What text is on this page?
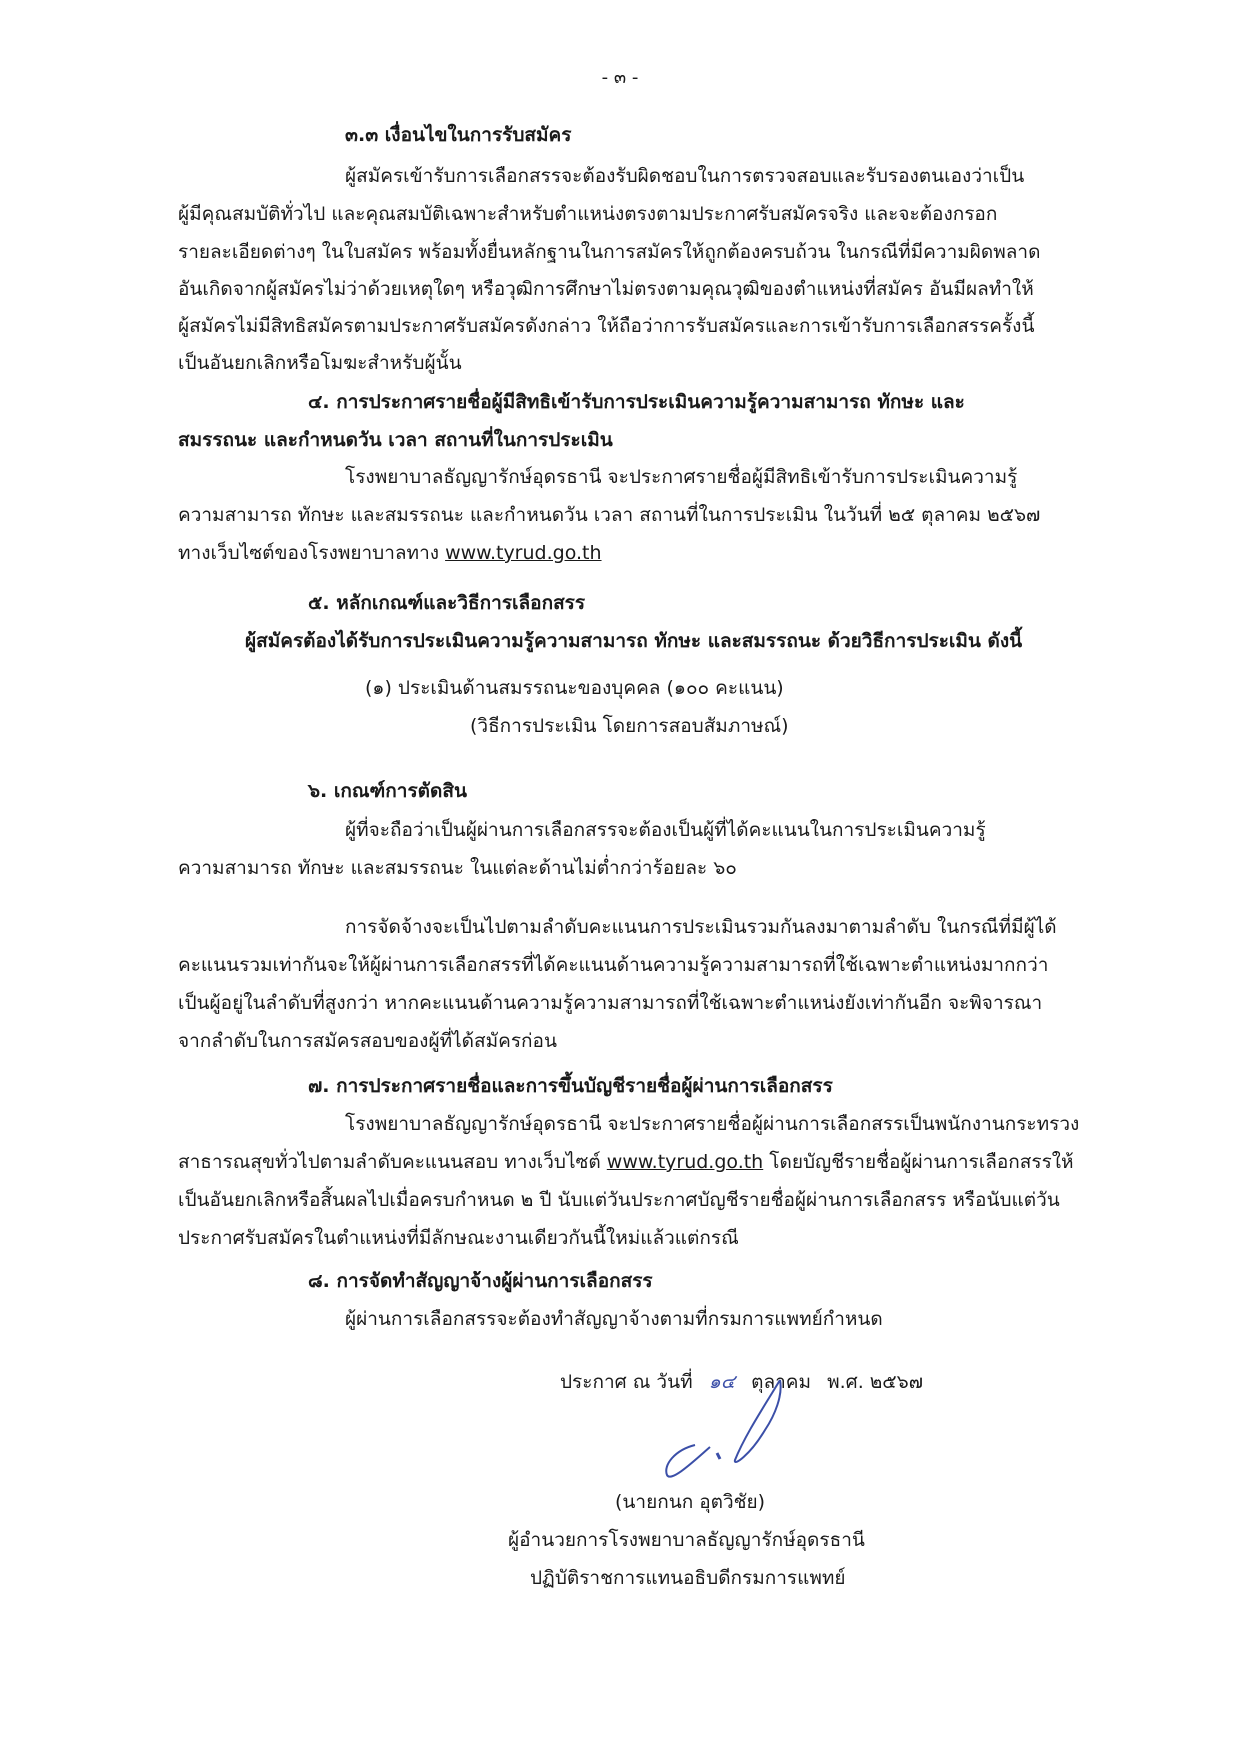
- ๓ -
๓.๓ เงื่อนไขในการรับสมัคร
ผู้สมัครเข้ารับการเลือกสรรจะต้องรับผิดชอบในการตรวจสอบและรับรองตนเองว่าเป็น
ผู้มีคุณสมบัติทั่วไป และคุณสมบัติเฉพาะสำหรับตำแหน่งตรงตามประกาศรับสมัครจริง และจะต้องกรอก
รายละเอียดต่างๆ ในใบสมัคร พร้อมทั้งยื่นหลักฐานในการสมัครให้ถูกต้องครบถ้วน ในกรณีที่มีความผิดพลาด
อันเกิดจากผู้สมัครไม่ว่าด้วยเหตุใดๆ หรือวุฒิการศึกษาไม่ตรงตามคุณวุฒิของตำแหน่งที่สมัคร อันมีผลทำให้
ผู้สมัครไม่มีสิทธิสมัครตามประกาศรับสมัครดังกล่าว ให้ถือว่าการรับสมัครและการเข้ารับการเลือกสรรครั้งนี้
เป็นอันยกเลิกหรือโมฆะสำหรับผู้นั้น
๔. การประกาศรายชื่อผู้มีสิทธิเข้ารับการประเมินความรู้ความสามารถ ทักษะ และ
สมรรถนะ และกำหนดวัน เวลา สถานที่ในการประเมิน
โรงพยาบาลธัญญารักษ์อุดรธานี จะประกาศรายชื่อผู้มีสิทธิเข้ารับการประเมินความรู้
ความสามารถ ทักษะ และสมรรถนะ และกำหนดวัน เวลา สถานที่ในการประเมิน ในวันที่ ๒๕ ตุลาคม ๒๕๖๗
ทางเว็บไซต์ของโรงพยาบาลทาง www.tyrud.go.th
๕. หลักเกณฑ์และวิธีการเลือกสรร
ผู้สมัครต้องได้รับการประเมินความรู้ความสามารถ ทักษะ และสมรรถนะ ด้วยวิธีการประเมิน ดังนี้
(๑) ประเมินด้านสมรรถนะของบุคคล (๑๐๐ คะแนน)
(วิธีการประเมิน โดยการสอบสัมภาษณ์)
๖. เกณฑ์การตัดสิน
ผู้ที่จะถือว่าเป็นผู้ผ่านการเลือกสรรจะต้องเป็นผู้ที่ได้คะแนนในการประเมินความรู้
ความสามารถ ทักษะ และสมรรถนะ ในแต่ละด้านไม่ต่ำกว่าร้อยละ ๖๐
การจัดจ้างจะเป็นไปตามลำดับคะแนนการประเมินรวมกันลงมาตามลำดับ ในกรณีที่มีผู้ได้
คะแนนรวมเท่ากันจะให้ผู้ผ่านการเลือกสรรที่ได้คะแนนด้านความรู้ความสามารถที่ใช้เฉพาะตำแหน่งมากกว่า
เป็นผู้อยู่ในลำดับที่สูงกว่า หากคะแนนด้านความรู้ความสามารถที่ใช้เฉพาะตำแหน่งยังเท่ากันอีก จะพิจารณา
จากลำดับในการสมัครสอบของผู้ที่ได้สมัครก่อน
๗. การประกาศรายชื่อและการขึ้นบัญชีรายชื่อผู้ผ่านการเลือกสรร
โรงพยาบาลธัญญารักษ์อุดรธานี จะประกาศรายชื่อผู้ผ่านการเลือกสรรเป็นพนักงานกระทรวง
สาธารณสุขทั่วไปตามลำดับคะแนนสอบ ทางเว็บไซต์ www.tyrud.go.th โดยบัญชีรายชื่อผู้ผ่านการเลือกสรรให้
เป็นอันยกเลิกหรือสิ้นผลไปเมื่อครบกำหนด ๒ ปี นับแต่วันประกาศบัญชีรายชื่อผู้ผ่านการเลือกสรร หรือนับแต่วัน
ประกาศรับสมัครในตำแหน่งที่มีลักษณะงานเดียวกันนี้ใหม่แล้วแต่กรณี
๘. การจัดทำสัญญาจ้างผู้ผ่านการเลือกสรร
ผู้ผ่านการเลือกสรรจะต้องทำสัญญาจ้างตามที่กรมการแพทย์กำหนด
ประกาศ ณ วันที่ ๑๔ ตุลาคม พ.ศ. ๒๕๖๗
(นายกนก อุตวิชัย)
ผู้อำนวยการโรงพยาบาลธัญญารักษ์อุดรธานี
ปฏิบัติราชการแทนอธิบดีกรมการแพทย์
